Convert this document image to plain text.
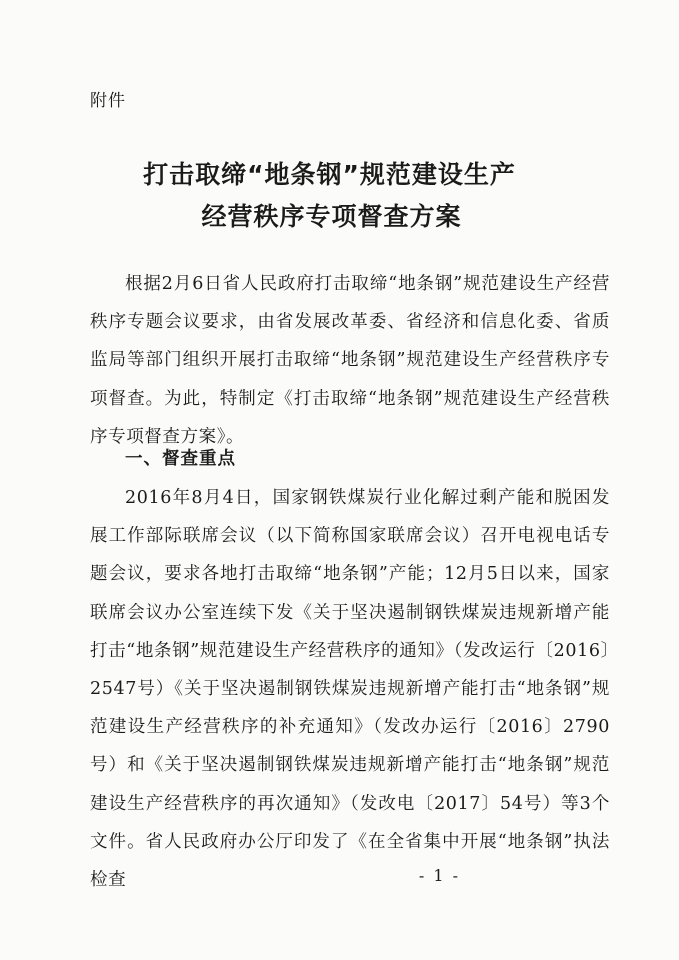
附件
打击取缔“地条钢”规范建设生产
经营秩序专项督查方案

根据2月6日省人民政府打击取缔“地条钢”规范建设生产经营秩序专题会议要求，由省发展改革委、省经济和信息化委、省质监局等部门组织开展打击取缔“地条钢”规范建设生产经营秩序专项督查。为此，特制定《打击取缔“地条钢”规范建设生产经营秩序专项督查方案》。

一、督查重点

2016年8月4日，国家钢铁煤炭行业化解过剩产能和脱困发展工作部际联席会议（以下简称国家联席会议）召开电视电话专题会议，要求各地打击取缔“地条钢”产能；12月5日以来，国家联席会议办公室连续下发《关于坚决遏制钢铁煤炭违规新增产能打击“地条钢”规范建设生产经营秩序的通知》（发改运行〔2016〕2547号）《关于坚决遏制钢铁煤炭违规新增产能打击“地条钢”规范建设生产经营秩序的补充通知》（发改办运行〔2016〕2790号）和《关于坚决遏制钢铁煤炭违规新增产能打击“地条钢”规范建设生产经营秩序的再次通知》（发改电〔2017〕54号）等3个文件。省人民政府办公厅印发了《在全省集中开展“地条钢”执法检查	- 1 -
